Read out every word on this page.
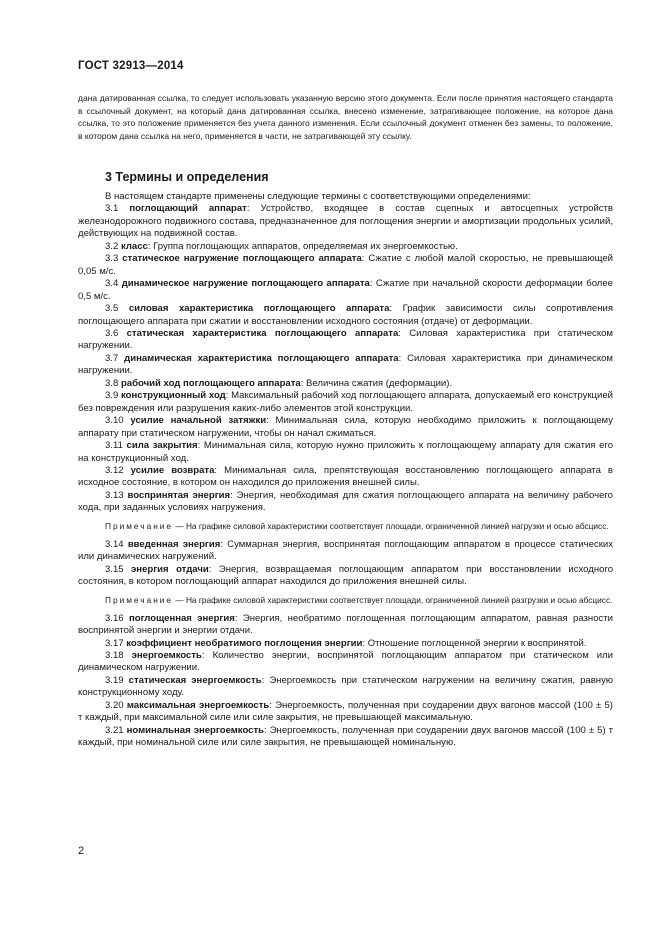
ГОСТ 32913—2014

дана датированная ссылка, то следует использовать указанную версию этого документа. Если после принятия настоящего стандарта в ссылочный документ, на который дана датированная ссылка, внесено изменение, затрагивающее положение, на которое дана ссылка, то это положение применяется без учета данного изменения. Если ссылочный документ отменен без замены, то положение, в котором дана ссылка на него, применяется в части, не затрагивающей эту ссылку.

3 Термины и определения

В настоящем стандарте применены следующие термины с соответствующими определениями:

3.1 поглощающий аппарат: Устройство, входящее в состав сцепных и автосцепных устройств железнодорожного подвижного состава, предназначенное для поглощения энергии и амортизации продольных усилий, действующих на подвижной состав.

3.2 класс: Группа поглощающих аппаратов, определяемая их энергоемкостью.

3.3 статическое нагружение поглощающего аппарата: Сжатие с любой малой скоростью, не превышающей 0,05 м/с.

3.4 динамическое нагружение поглощающего аппарата: Сжатие при начальной скорости деформации более 0,5 м/с.

3.5 силовая характеристика поглощающего аппарата: График зависимости силы сопротивления поглощающего аппарата при сжатии и восстановлении исходного состояния (отдаче) от деформации.

3.6 статическая характеристика поглощающего аппарата: Силовая характеристика при статическом нагружении.

3.7 динамическая характеристика поглощающего аппарата: Силовая характеристика при динамическом нагружении.

3.8 рабочий ход поглощающего аппарата: Величина сжатия (деформации).

3.9 конструкционный ход: Максимальный рабочий ход поглощающего аппарата, допускаемый его конструкцией без повреждения или разрушения каких-либо элементов этой конструкции.

3.10 усилие начальной затяжки: Минимальная сила, которую необходимо приложить к поглощающему аппарату при статическом нагружении, чтобы он начал сжиматься.

3.11 сила закрытия: Минимальная сила, которую нужно приложить к поглощающему аппарату для сжатия его на конструкционный ход.

3.12 усилие возврата: Минимальная сила, препятствующая восстановлению поглощающего аппарата в исходное состояние, в котором он находился до приложения внешней силы.

3.13 воспринятая энергия: Энергия, необходимая для сжатия поглощающего аппарата на величину рабочего хода, при заданных условиях нагружения.

Примечание — На графике силовой характеристики соответствует площади, ограниченной линией нагрузки и осью абсцисс.

3.14 введенная энергия: Суммарная энергия, воспринятая поглощающим аппаратом в процессе статических или динамических нагружений.

3.15 энергия отдачи: Энергия, возвращаемая поглощающим аппаратом при восстановлении исходного состояния, в котором поглощающий аппарат находился до приложения внешней силы.

Примечание — На графике силовой характеристики соответствует площади, ограниченной линией разгрузки и осью абсцисс.

3.16 поглощенная энергия: Энергия, необратимо поглощенная поглощающим аппаратом, равная разности воспринятой энергии и энергии отдачи.

3.17 коэффициент необратимого поглощения энергии: Отношение поглощенной энергии к воспринятой.

3.18 энергоемкость: Количество энергии, воспринятой поглощающим аппаратом при статическом или динамическом нагружении.

3.19 статическая энергоемкость: Энергоемкость при статическом нагружении на величину сжатия, равную конструкционному ходу.

3.20 максимальная энергоемкость: Энергоемкость, полученная при соударении двух вагонов массой (100 ± 5) т каждый, при максимальной силе или силе закрытия, не превышающей максимальную.

3.21 номинальная энергоемкость: Энергоемкость, полученная при соударении двух вагонов массой (100 ± 5) т каждый, при номинальной силе или силе закрытия, не превышающей номинальную.

2
